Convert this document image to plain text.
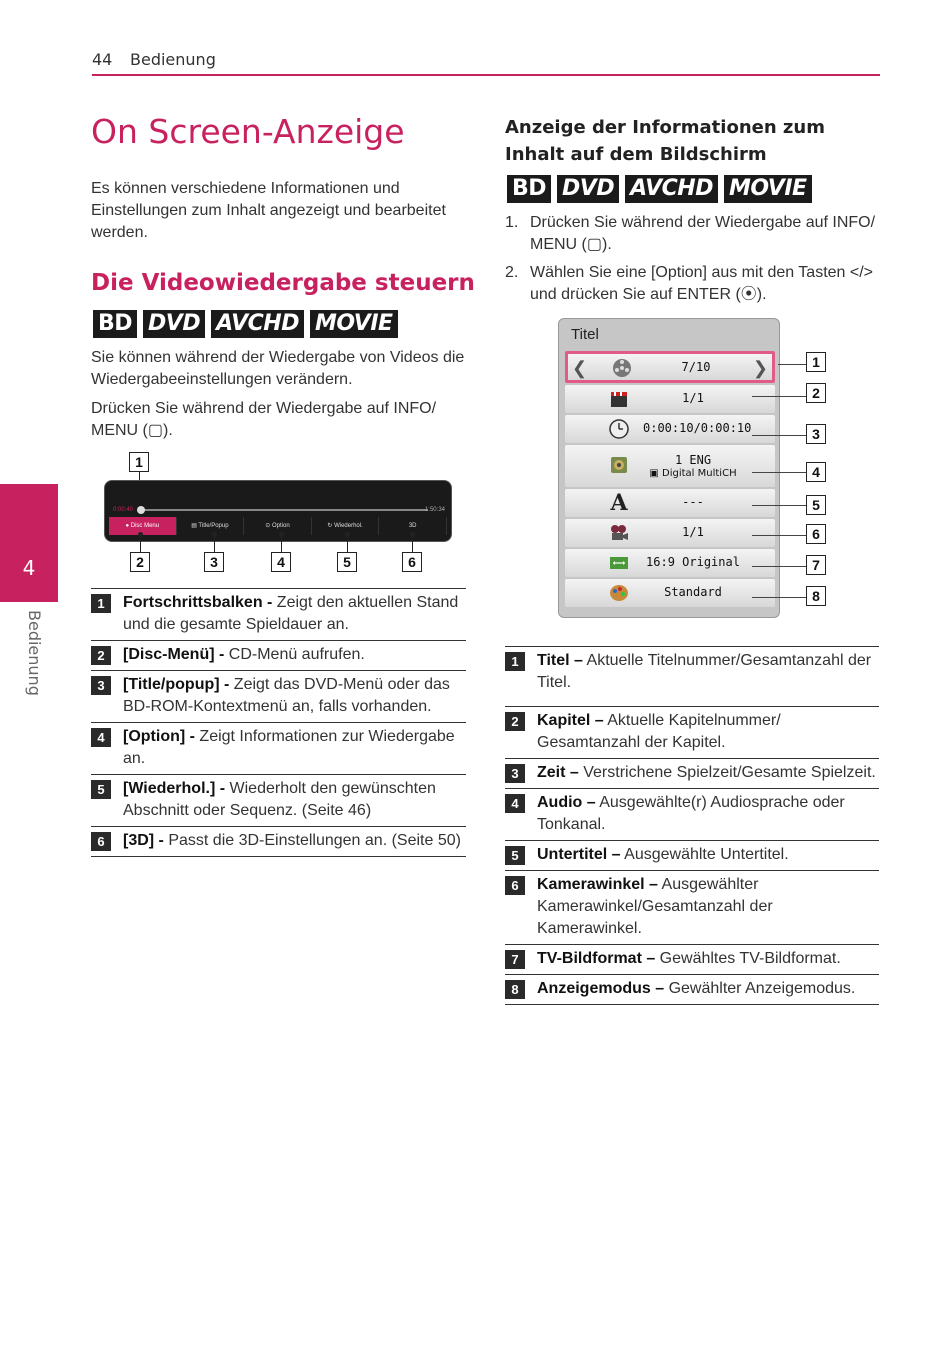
44 Bedienung
4
Bedienung
On Screen-Anzeige
Es können verschiedene Informationen und Einstellungen zum Inhalt angezeigt und bearbeitet werden.
Die Videowiedergabe steuern
BD DVD AVCHD MOVIE
Sie können während der Wiedergabe von Videos die Wiedergabeeinstellungen verändern.
Drücken Sie während der Wiedergabe auf INFO/ MENU (▢).
1
0:00:40	1:50:34
● Disc Menu	▤ Title/Popup	⊙ Option	↻ Wiederhol.	3D
2	3	4	5	6
1	Fortschrittsbalken - Zeigt den aktuellen Stand und die gesamte Spieldauer an.
2	[Disc-Menü] - CD-Menü aufrufen.
3	[Title/popup] - Zeigt das DVD-Menü oder das BD-ROM-Kontextmenü an, falls vorhanden.
4	[Option] - Zeigt Informationen zur Wiedergabe an.
5	[Wiederhol.] - Wiederholt den gewünschten Abschnitt oder Sequenz. (Seite 46)
6	[3D] - Passt die 3D-Einstellungen an. (Seite 50)
Anzeige der Informationen zum Inhalt auf dem Bildschirm
BD DVD AVCHD MOVIE
1. Drücken Sie während der Wiedergabe auf INFO/ MENU (▢).
2. Wählen Sie eine [Option] aus mit den Tasten </> und drücken Sie auf ENTER (⦿).
Titel
❮	7/10	❯
1/1
0:00:10/0:00:10
1 ENG
▣ Digital MultiCH
A	---
1/1
16:9 Original
Standard
1
2
3
4
5
6
7
8
1	Titel – Aktuelle Titelnummer/Gesamtanzahl der Titel.
2	Kapitel – Aktuelle Kapitelnummer/ Gesamtanzahl der Kapitel.
3	Zeit – Verstrichene Spielzeit/Gesamte Spielzeit.
4	Audio – Ausgewählte(r) Audiosprache oder Tonkanal.
5	Untertitel – Ausgewählte Untertitel.
6	Kamerawinkel – Ausgewählter Kamerawinkel/Gesamtanzahl der Kamerawinkel.
7	TV-Bildformat – Gewähltes TV-Bildformat.
8	Anzeigemodus – Gewählter Anzeigemodus.
